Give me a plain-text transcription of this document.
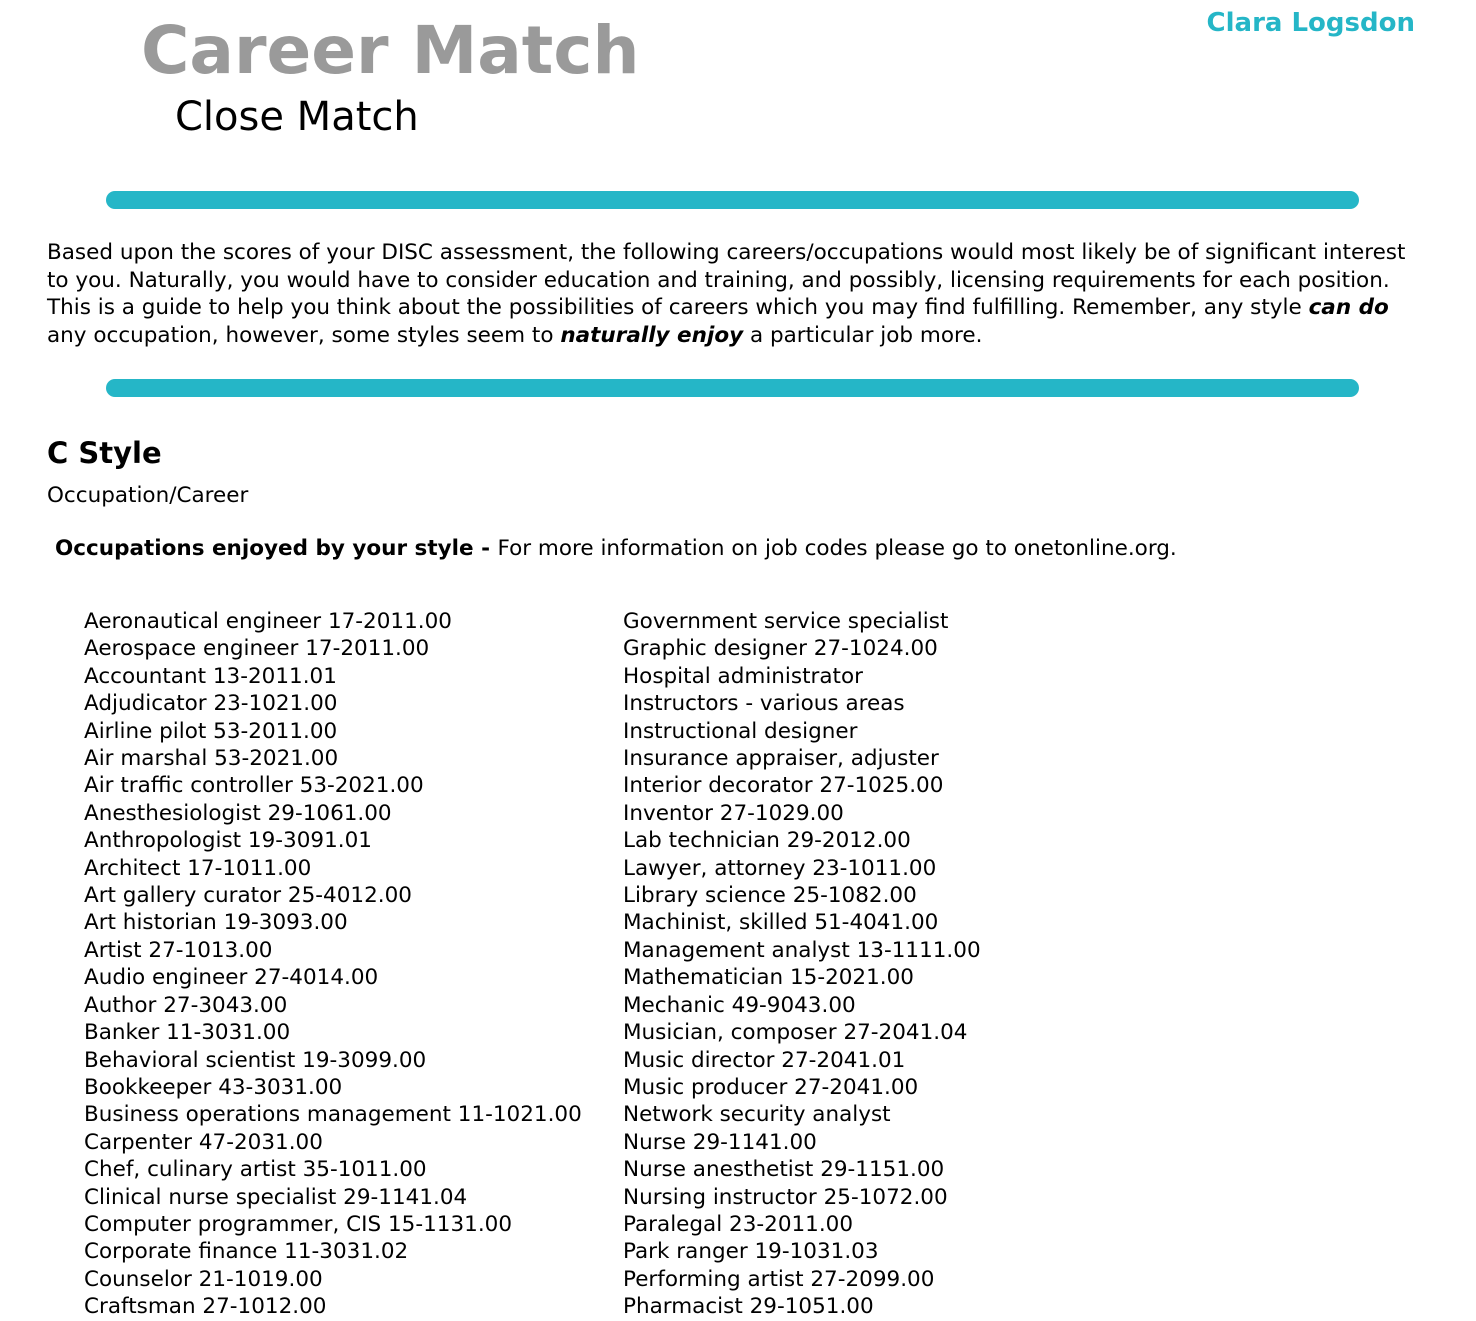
Clara Logsdon
Career Match
Close Match

Based upon the scores of your DISC assessment, the following careers/occupations would most likely be of significant interest to you. Naturally, you would have to consider education and training, and possibly, licensing requirements for each position. This is a guide to help you think about the possibilities of careers which you may find fulfilling. Remember, any style can do any occupation, however, some styles seem to naturally enjoy a particular job more.

C Style
Occupation/Career
Occupations enjoyed by your style - For more information on job codes please go to onetonline.org.
Aeronautical engineer 17-2011.00
Aerospace engineer 17-2011.00
Accountant 13-2011.01
Adjudicator 23-1021.00
Airline pilot 53-2011.00
Air marshal 53-2021.00
Air traffic controller 53-2021.00
Anesthesiologist 29-1061.00
Anthropologist 19-3091.01
Architect 17-1011.00
Art gallery curator 25-4012.00
Art historian 19-3093.00
Artist 27-1013.00
Audio engineer 27-4014.00
Author 27-3043.00
Banker 11-3031.00
Behavioral scientist 19-3099.00
Bookkeeper 43-3031.00
Business operations management 11-1021.00
Carpenter 47-2031.00
Chef, culinary artist 35-1011.00
Clinical nurse specialist 29-1141.04
Computer programmer, CIS 15-1131.00
Corporate finance 11-3031.02
Counselor 21-1019.00
Craftsman 27-1012.00
Government service specialist
Graphic designer 27-1024.00
Hospital administrator
Instructors - various areas
Instructional designer
Insurance appraiser, adjuster
Interior decorator 27-1025.00
Inventor 27-1029.00
Lab technician 29-2012.00
Lawyer, attorney 23-1011.00
Library science 25-1082.00
Machinist, skilled 51-4041.00
Management analyst 13-1111.00
Mathematician 15-2021.00
Mechanic 49-9043.00
Musician, composer 27-2041.04
Music director 27-2041.01
Music producer 27-2041.00
Network security analyst
Nurse 29-1141.00
Nurse anesthetist 29-1151.00
Nursing instructor 25-1072.00
Paralegal 23-2011.00
Park ranger 19-1031.03
Performing artist 27-2099.00
Pharmacist 29-1051.00
